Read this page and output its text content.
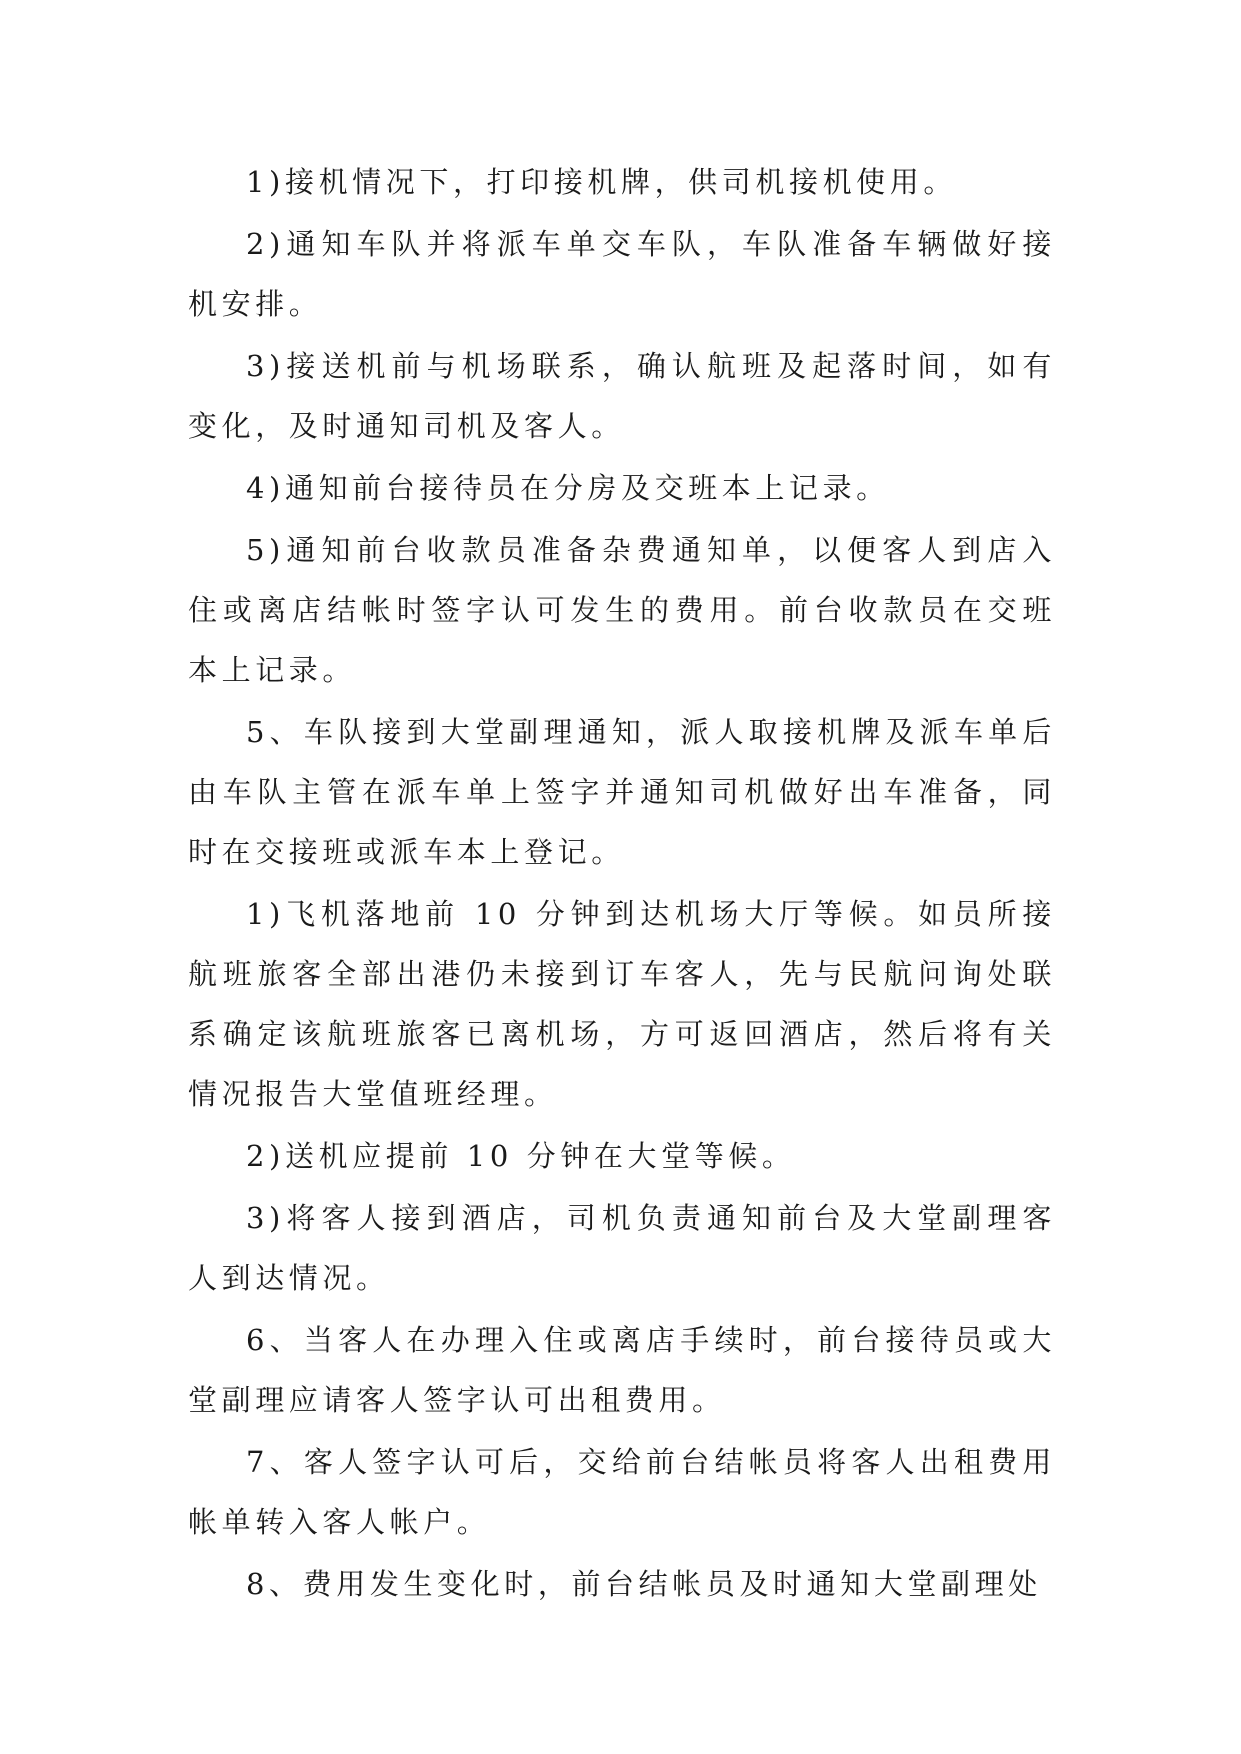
1)接机情况下，打印接机牌，供司机接机使用。

2)通知车队并将派车单交车队，车队准备车辆做好接机安排。

3)接送机前与机场联系，确认航班及起落时间，如有变化，及时通知司机及客人。

4)通知前台接待员在分房及交班本上记录。

5)通知前台收款员准备杂费通知单，以便客人到店入住或离店结帐时签字认可发生的费用。前台收款员在交班本上记录。

5、车队接到大堂副理通知，派人取接机牌及派车单后由车队主管在派车单上签字并通知司机做好出车准备，同时在交接班或派车本上登记。

1)飞机落地前 10 分钟到达机场大厅等候。如员所接航班旅客全部出港仍未接到订车客人，先与民航问询处联系确定该航班旅客已离机场，方可返回酒店，然后将有关情况报告大堂值班经理。

2)送机应提前 10 分钟在大堂等候。

3)将客人接到酒店，司机负责通知前台及大堂副理客人到达情况。

6、当客人在办理入住或离店手续时，前台接待员或大堂副理应请客人签字认可出租费用。

7、客人签字认可后，交给前台结帐员将客人出租费用帐单转入客人帐户。

8、费用发生变化时，前台结帐员及时通知大堂副理处
